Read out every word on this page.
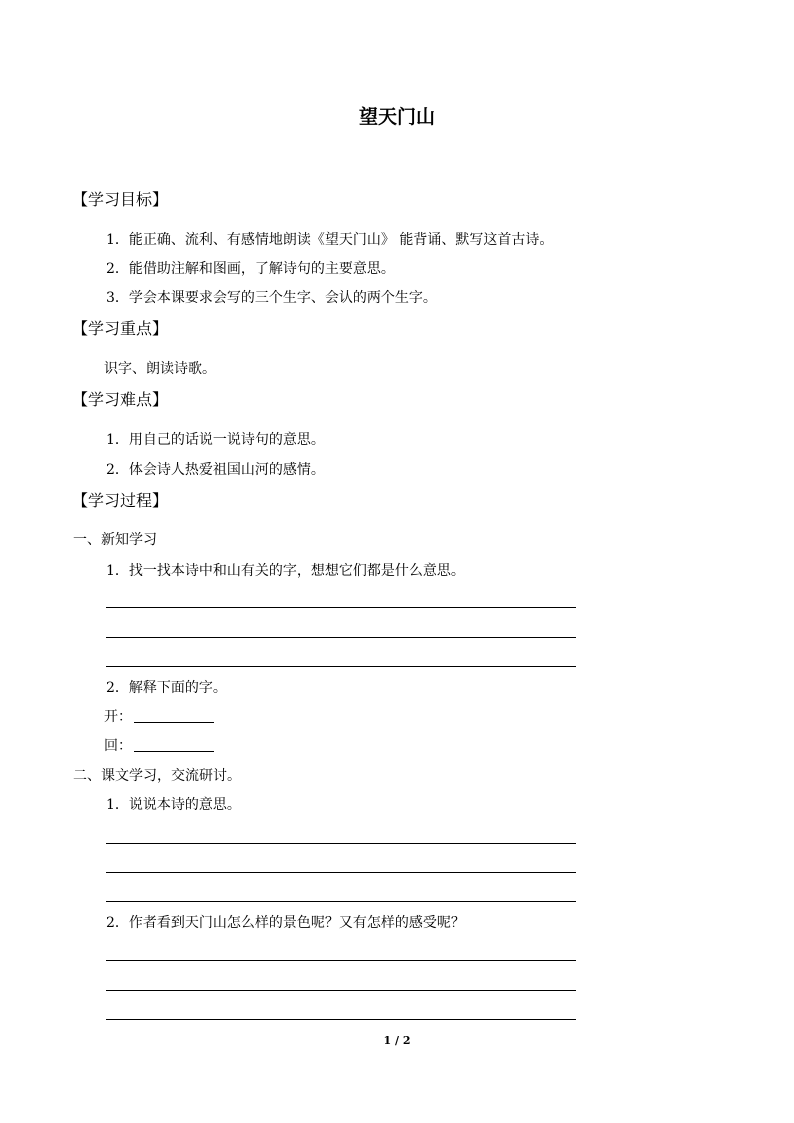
望天门山
【学习目标】
1．能正确、流利、有感情地朗读《望天门山》 能背诵、默写这首古诗。
2．能借助注解和图画，了解诗句的主要意思。
3．学会本课要求会写的三个生字、会认的两个生字。
【学习重点】
识字、朗读诗歌。
【学习难点】
1．用自己的话说一说诗句的意思。
2．体会诗人热爱祖国山河的感情。
【学习过程】
一、新知学习
1．找一找本诗中和山有关的字，想想它们都是什么意思。
2．解释下面的字。
开：
回：
二、课文学习，交流研讨。
1．说说本诗的意思。
2．作者看到天门山怎么样的景色呢？又有怎样的感受呢？
1 / 2
